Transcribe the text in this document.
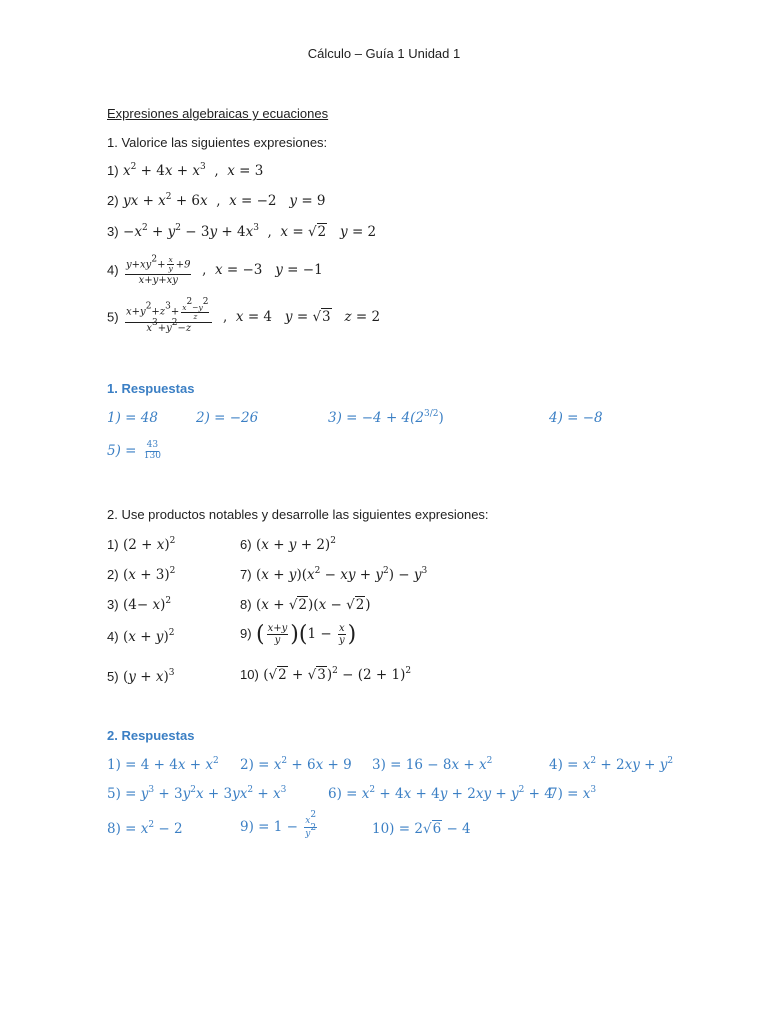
Cálculo – Guía 1 Unidad 1
Expresiones algebraicas y ecuaciones
1. Valorice las siguientes expresiones:
1) $x^2 + 4x + x^3$ ,  x = 3
2) yx + $x^2 + 6x$  ,  x = −2   y = 9
$3) -x^2 + y^2 - 3y + 4x^3$ ,  x = √2   y = 2
$4) \frac{y+xy^2+ \frac{x}{y} +9}{x+y+xy}$ ,  x = −3   y = −1
$5) \frac{x+y^2+z^3+ \frac{x^2-y^2}{z}}{x^3+y^2-z}$ ,  x = 4   y = √3   z = 2
1. Respuestas
1) = 48	2) = −26	$3) = -4 + 4(2^{3/2})$	4) = −8
$5) = \frac{43}{130}$
2. Use productos notables y desarrolle las siguientes expresiones:
1) $(2 + x)^2$	6) $(x + y + 2)^2$
2) $(x + 3)^2$	7) $(x + y)(x^2$ − xy + $y^2) - y^3$
3) $(4- x)^2$	8) (x + √2)(x − √2)
4) $(x + y)^2$	9) ( $\frac{x+y}{y} )(1 - \frac{x}{y}$ )
5) $(y + x)^3$	10) $(√2 + √3)^2 - (2 + 1)^2$
2. Respuestas
$1) = 4 + 4x + x^2$ $2) = x^2 + 6x + 9$ $3) = 16 - 8x + x^2$	$4) = x^2 + 2xy + y^2$
$5) = y^3 + 3y^2x + 3yx^2 + x^3$	$6) = x^2 + 4x + 4y + 2xy + y^2 + 4$
$7) = x^3$
$8) = x^2 - 2$	$9) = 1 - \frac{x^2}{y^2}$	10) = 2√6 − 4
